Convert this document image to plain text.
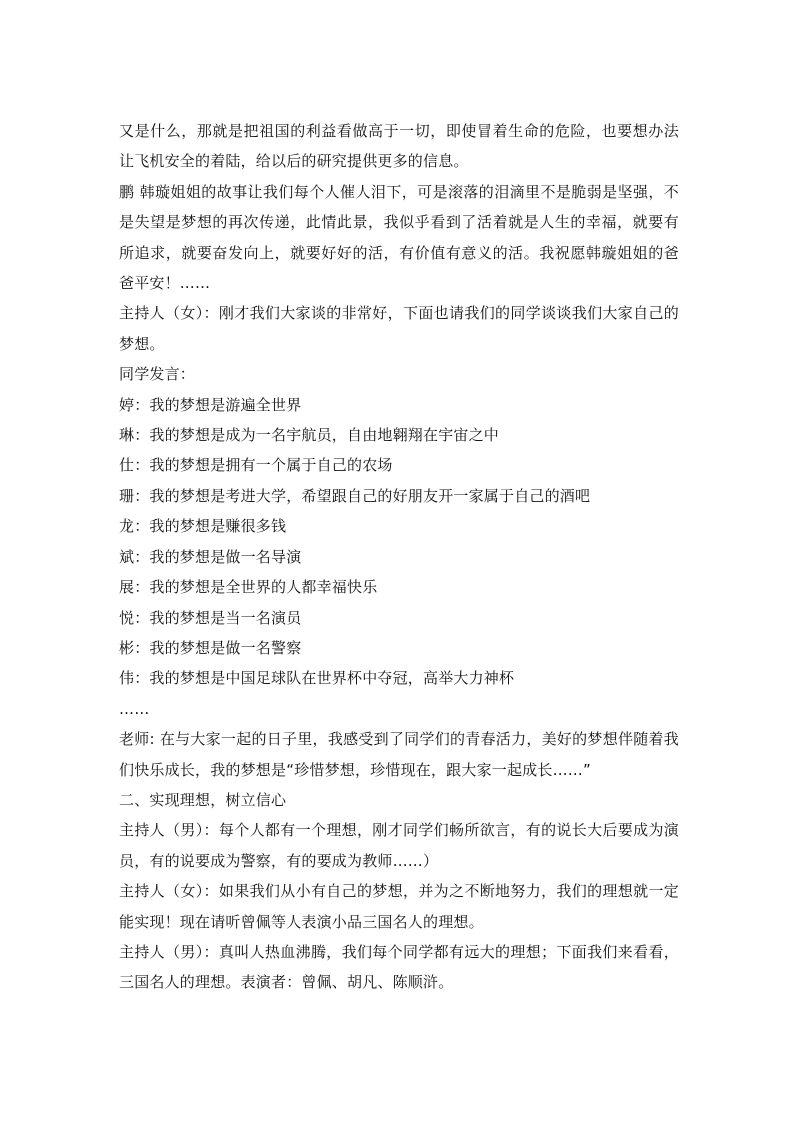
又是什么，那就是把祖国的利益看做高于一切，即使冒着生命的危险，也要想办法让飞机安全的着陆，给以后的研究提供更多的信息。

鹏 韩璇姐姐的故事让我们每个人催人泪下，可是滚落的泪滴里不是脆弱是坚强，不是失望是梦想的再次传递，此情此景，我似乎看到了活着就是人生的幸福，就要有所追求，就要奋发向上，就要好好的活，有价值有意义的活。我祝愿韩璇姐姐的爸爸平安！……

主持人（女）：刚才我们大家谈的非常好，下面也请我们的同学谈谈我们大家自己的梦想。

同学发言：

婷：我的梦想是游遍全世界

琳：我的梦想是成为一名宇航员，自由地翱翔在宇宙之中

仕：我的梦想是拥有一个属于自己的农场

珊：我的梦想是考进大学，希望跟自己的好朋友开一家属于自己的酒吧

龙：我的梦想是赚很多钱

斌：我的梦想是做一名导演

展：我的梦想是全世界的人都幸福快乐

悦：我的梦想是当一名演员

彬：我的梦想是做一名警察

伟：我的梦想是中国足球队在世界杯中夺冠，高举大力神杯

……

老师: 在与大家一起的日子里，我感受到了同学们的青春活力，美好的梦想伴随着我们快乐成长，我的梦想是“珍惜梦想，珍惜现在，跟大家一起成长……”

二、实现理想，树立信心

主持人（男）：每个人都有一个理想，刚才同学们畅所欲言，有的说长大后要成为演员，有的说要成为警察，有的要成为教师……）

主持人（女）：如果我们从小有自己的梦想，并为之不断地努力，我们的理想就一定能实现！现在请听曾佩等人表演小品三国名人的理想。

主持人（男）：真叫人热血沸腾，我们每个同学都有远大的理想；下面我们来看看，三国名人的理想。表演者：曾佩、胡凡、陈顺浒。
